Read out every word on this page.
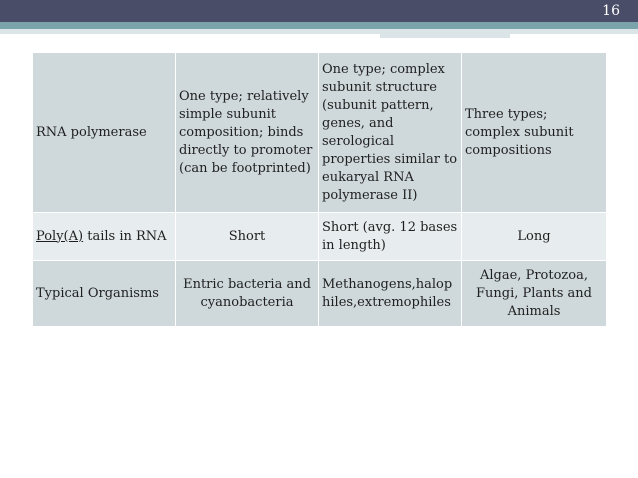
16
RNA polymerase	One type; relatively simple subunit composition; binds directly to promoter (can be footprinted)	One type; complex subunit structure (subunit pattern, genes, and serological properties similar to eukaryal RNA polymerase II)	Three types; complex subunit compositions
Poly(A) tails in RNA	Short	Short (avg. 12 bases in length)	Long
Typical Organisms	Entric bacteria and cyanobacteria	Methanogens,halophiles,extremophiles	Algae, Protozoa, Fungi, Plants and Animals
